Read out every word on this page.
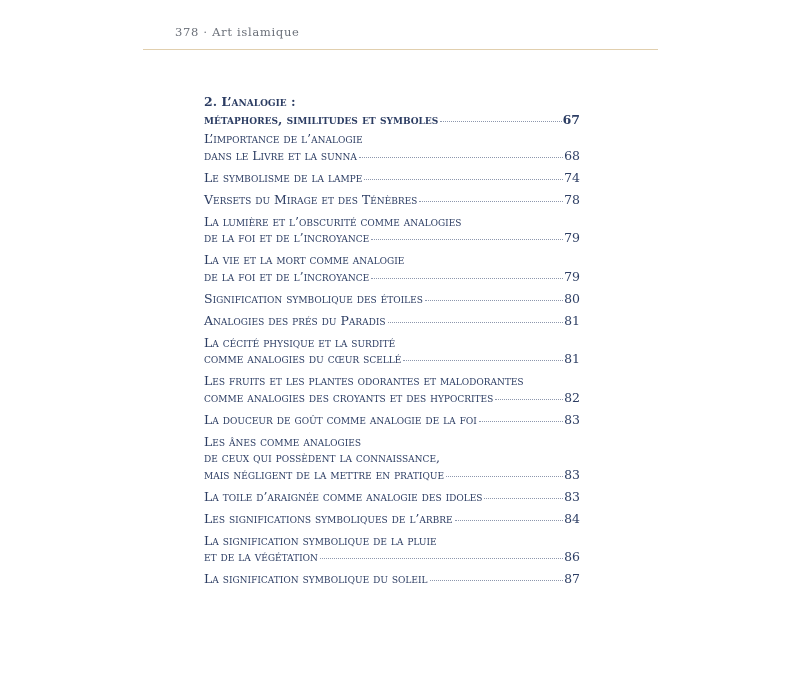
378 · Art islamique
2. L’analogie :
métaphores, similitudes et symboles	67
L’importance de l’analogie
dans le Livre et la sunna	68
Le symbolisme de la lampe	74
Versets du Mirage et des Ténèbres	78
La lumière et l’obscurité comme analogies
de la foi et de l’incroyance	79
La vie et la mort comme analogie
de la foi et de l’incroyance	79
Signification symbolique des étoiles	80
Analogies des prés du Paradis	81
La cécité physique et la surdité
comme analogies du cœur scellé	81
Les fruits et les plantes odorantes et malodorantes
comme analogies des croyants et des hypocrites	82
La douceur de goût comme analogie de la foi	83
Les ânes comme analogies
de ceux qui possèdent la connaissance,
mais négligent de la mettre en pratique	83
La toile d’araignée comme analogie des idoles	83
Les significations symboliques de l’arbre	84
La signification symbolique de la pluie
et de la végétation	86
La signification symbolique du soleil	87
